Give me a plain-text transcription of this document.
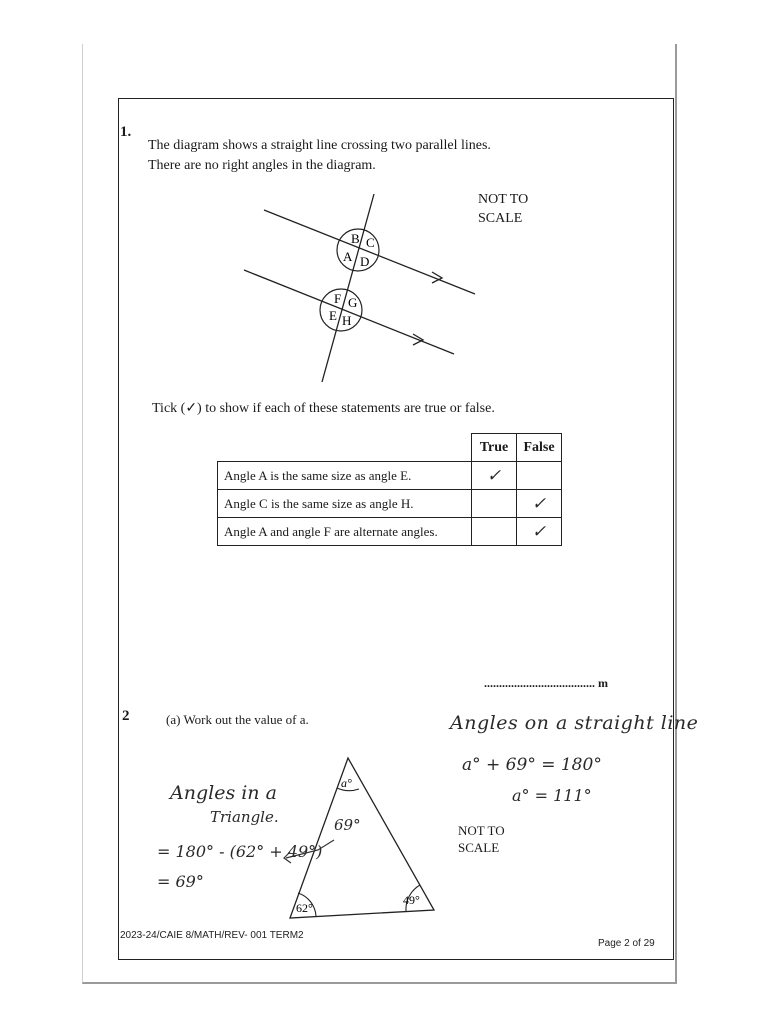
1.
The diagram shows a straight line crossing two parallel lines.
There are no right angles in the diagram.
NOT TO
SCALE
B C
A D
F G
E H
Tick (✓) to show if each of these statements are true or false.
	True	False
Angle A is the same size as angle E.	✓	
Angle C is the same size as angle H.		✓
Angle A and angle F are alternate angles.		✓
..................................... m
2	(a) Work out the value of a.
NOT TO
SCALE
a°
62°
49°
Angles on a straight line
a° + 69° = 180°
a° = 111°
Angles in a
Triangle.
= 180° - (62° + 49°)
= 69°
69°
2023-24/CAIE 8/MATH/REV- 001 TERM2
Page 2 of 29
